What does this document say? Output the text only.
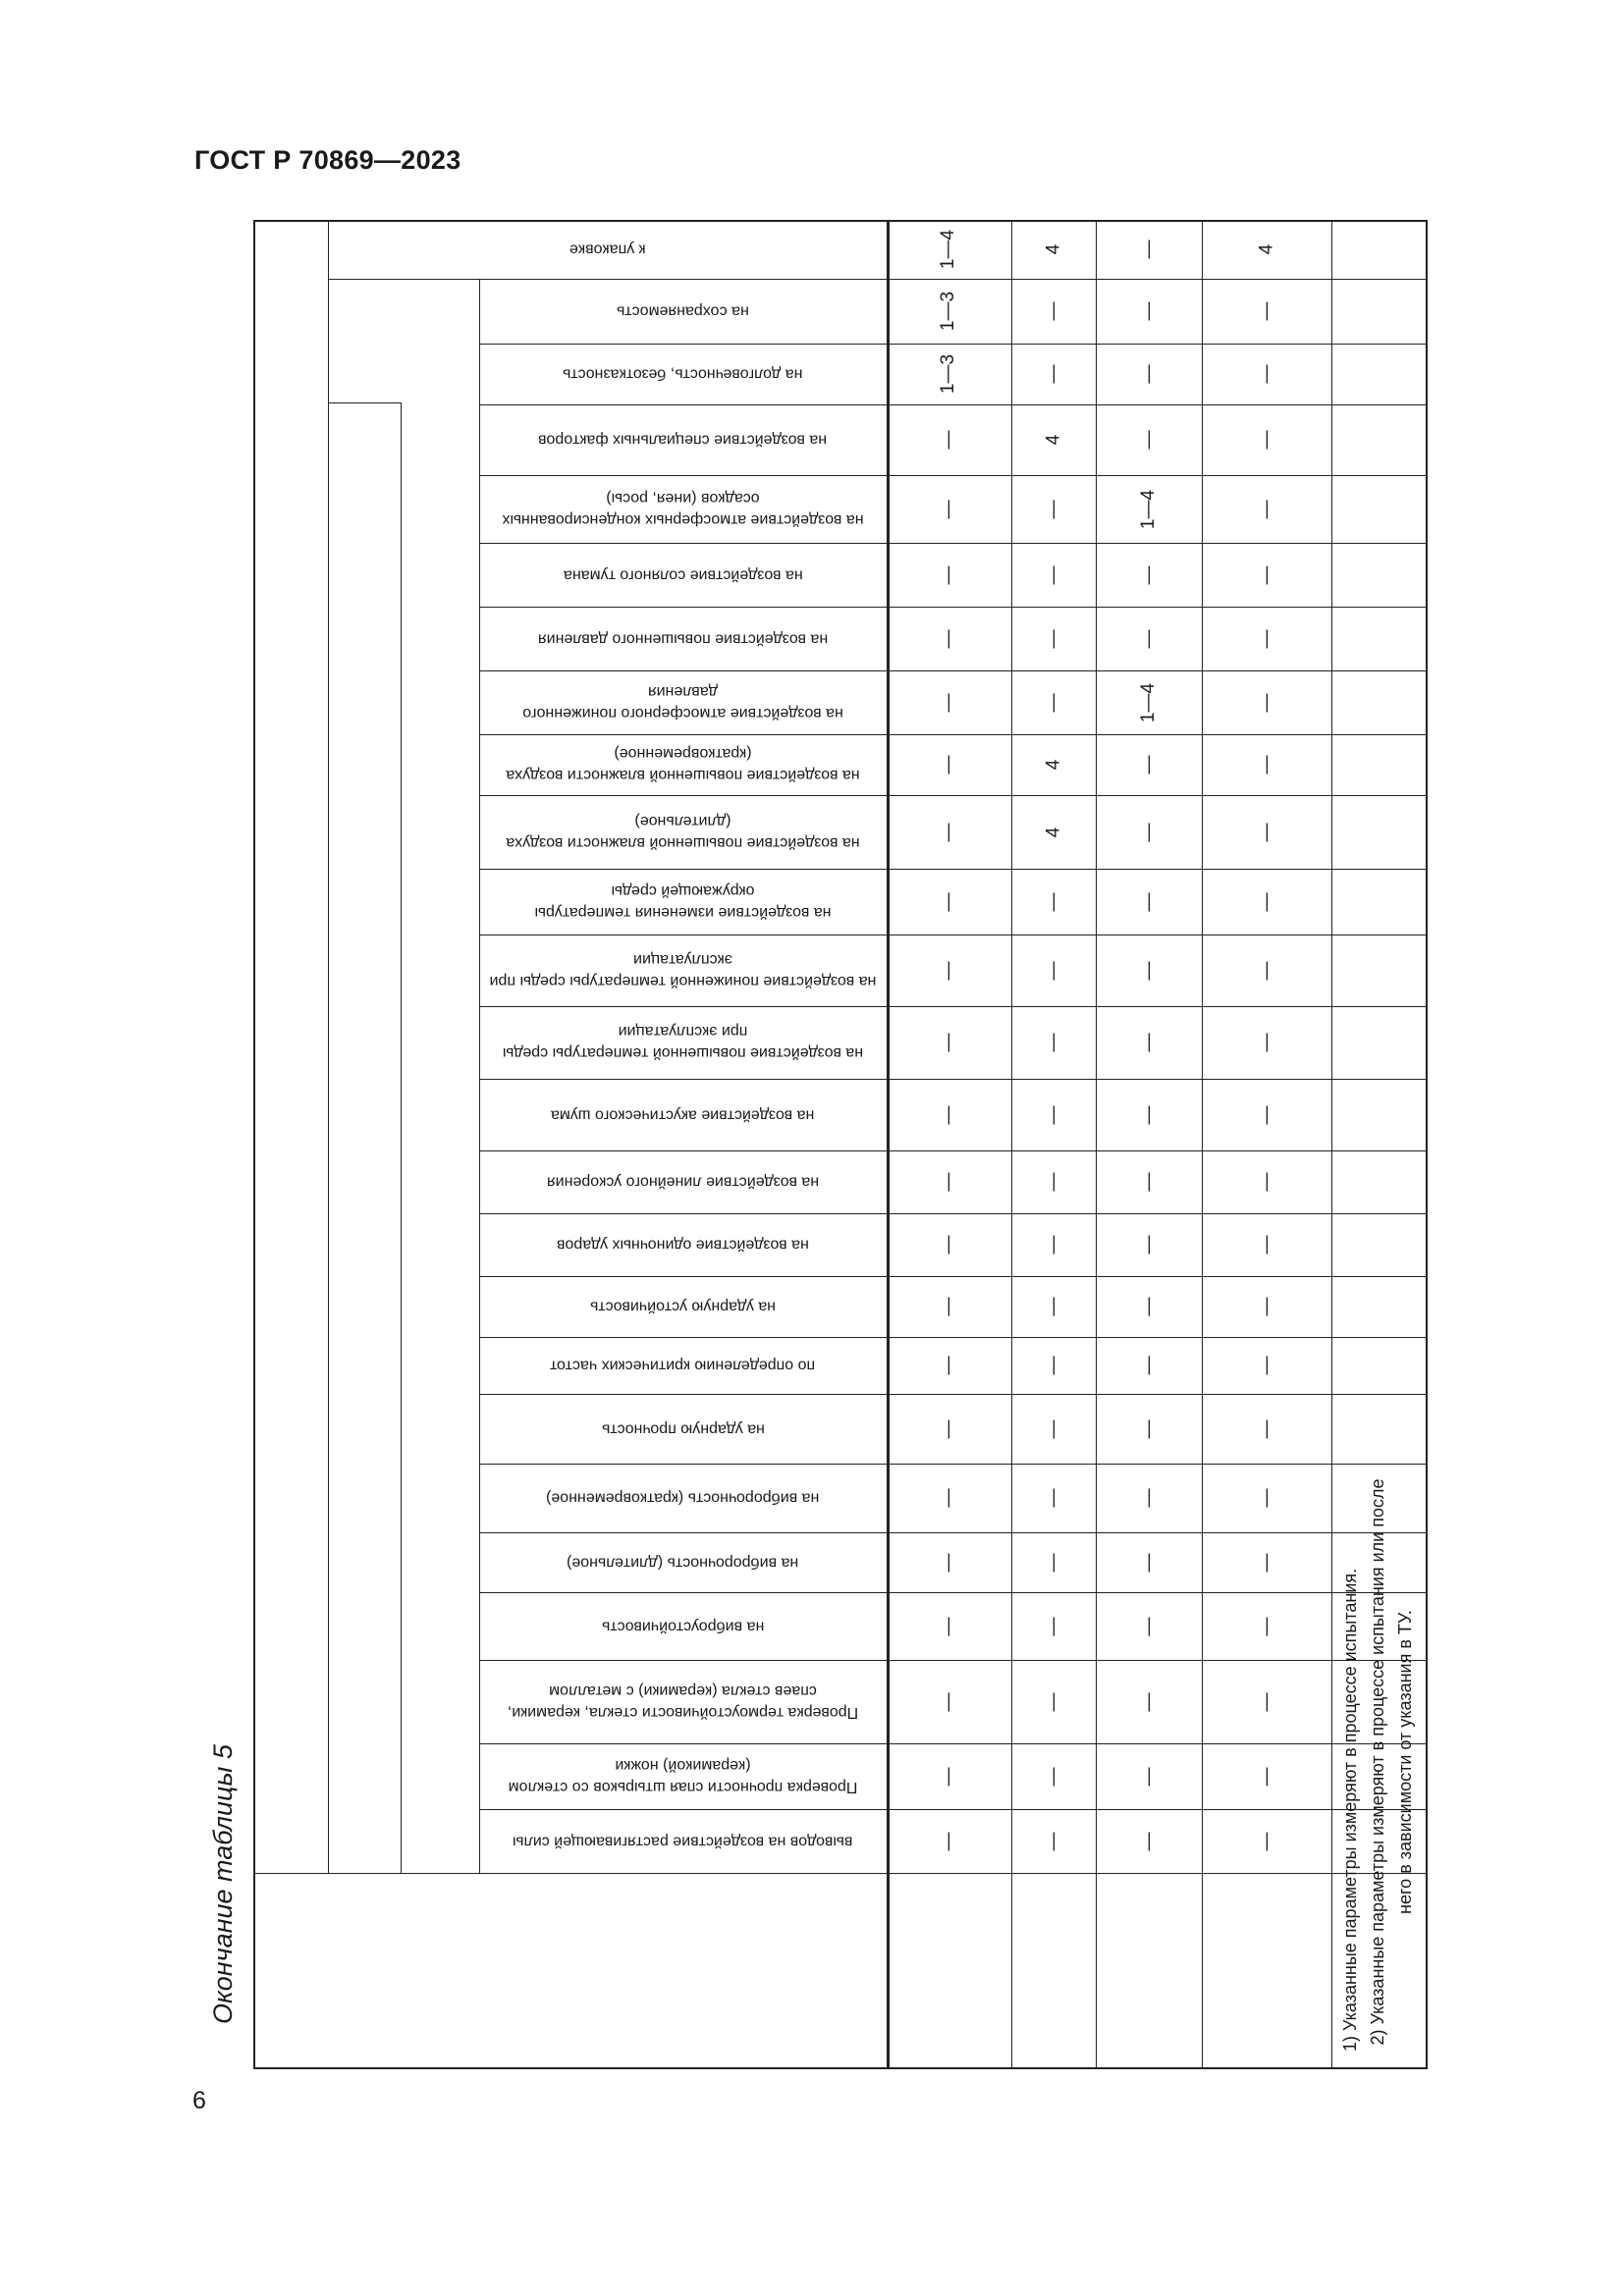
ГОСТ Р 70869—2023
Окончание таблицы 5
6
к упаковке
на сохраняемость
на долговечность, безотказность
на воздействие специальных факторов
на воздействие атмосферных конденсированных осадков (инея, росы)
на воздействие соляного тумана
на воздействие повышенного давления
на воздействие атмосферного пониженного давления
на воздействие повышенной влажности воздуха (кратковременное)
на воздействие повышенной влажности воздуха (длительное)
на воздействие изменения температуры окружающей среды
на воздействие пониженной температуры среды при эксплуатации
на воздействие повышенной температуры среды при эксплуатации
на воздействие акустического шума
на воздействие линейного ускорения
на воздействие одиночных ударов
на ударную устойчивость
по определению критических частот
на ударную прочность
на вибророчность (кратковременное)
на вибророчность (длительное)
на виброустойчивость
Проверка термоустойчивости стекла, керамики, спаев стекла (керамики) с металлом
Проверка прочности спая штырьков со стеклом (керамикой) ножки
выводов на воздействие растягивающей силы
1—4
1—3
1—3
—
—
—
—
—
—
—
—
—
—
—
—
—
—
—
—
—
—
—
—
—
—
4
—
—
4
—
—
—
—
4
4
—
—
—
—
—
—
—
—
—
—
—
—
—
—
—
—
—
—
—
1—4
—
—
1—4
—
—
—
—
—
—
—
—
—
—
—
—
—
—
—
—
—
4
—
—
—
—
—
—
—
—
—
—
—
—
—
—
—
—
—
—
—
—
—
—
—
—	1) Указанные параметры измеряют в процессе испытания. 2) Указанные параметры измеряют в процессе испытания или после него в зависимости от указания в ТУ.
